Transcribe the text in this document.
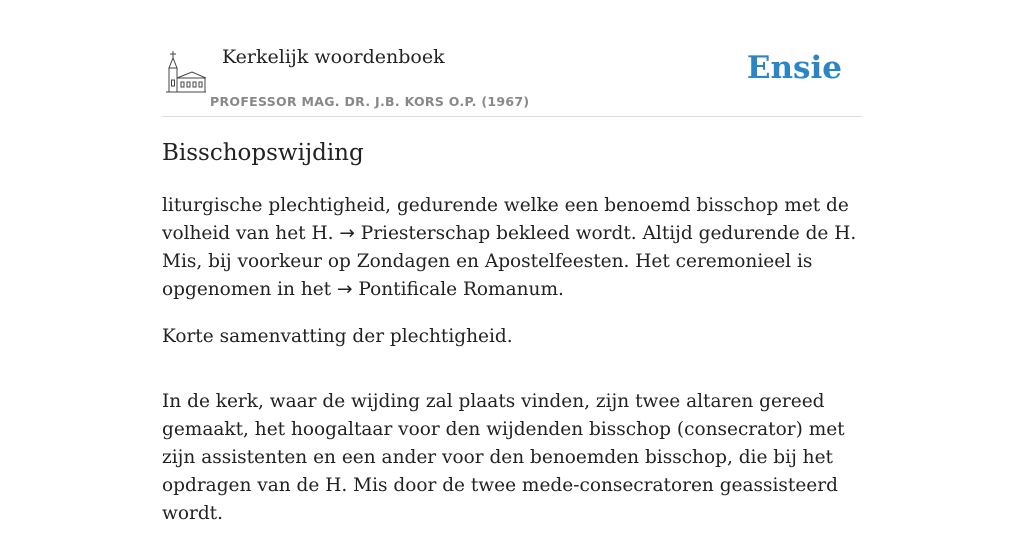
Kerkelijk woordenboek
PROFESSOR MAG. DR. J.B. KORS O.P. (1967)
Ensie
Bisschopswijding

liturgische plechtigheid, gedurende welke een benoemd bisschop met de volheid van het H. → Priesterschap bekleed wordt. Altijd gedurende de H. Mis, bij voorkeur op Zondagen en Apostelfeesten. Het ceremonieel is opgenomen in het → Pontificale Romanum.

Korte samenvatting der plechtigheid.

In de kerk, waar de wijding zal plaats vinden, zijn twee altaren gereed gemaakt, het hoogaltaar voor den wijdenden bisschop (consecrator) met zijn assistenten en een ander voor den benoemden bisschop, die bij het opdragen van de H. Mis door de twee mede-consecratoren geassisteerd wordt.
